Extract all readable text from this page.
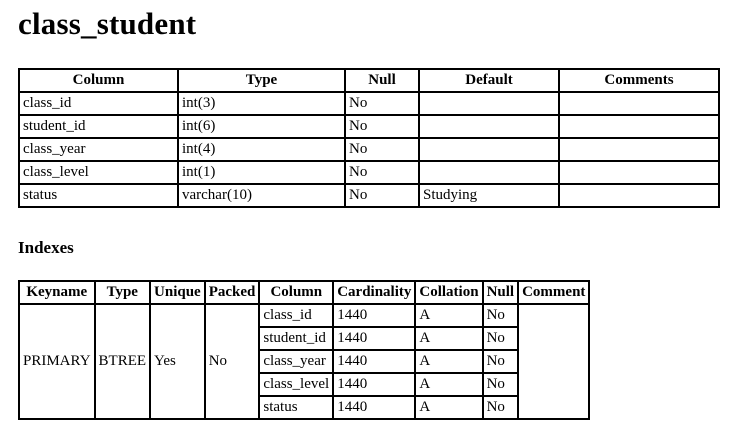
class_student
Column	Type	Null	Default	Comments
class_id	int(3)	No		
student_id	int(6)	No		
class_year	int(4)	No		
class_level	int(1)	No		
status	varchar(10)	No	Studying	
Indexes
Keyname	Type	Unique	Packed	Column	Cardinality	Collation	Null	Comment
PRIMARY	BTREE	Yes	No	class_id	1440	A	No	
				student_id	1440	A	No	
				class_year	1440	A	No	
				class_level	1440	A	No	
				status	1440	A	No	
